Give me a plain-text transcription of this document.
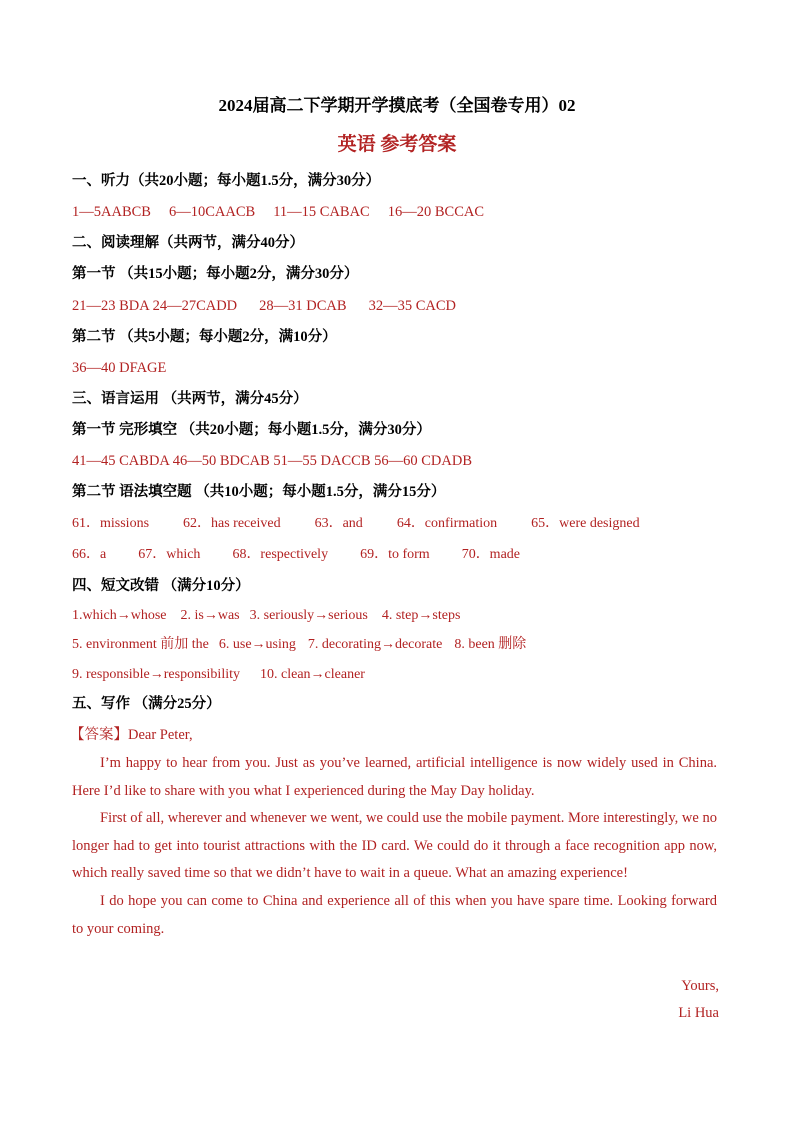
2024届高二下学期开学摸底考（全国卷专用）02
英语 参考答案
一、听力（共20小题；每小题1.5分，满分30分）
1—5AABCB 6—10CAACB 11—15 CABAC 16—20 BCCAC
二、阅读理解（共两节，满分40分）
第一节 （共15小题；每小题2分，满分30分）
21—23 BDA 24—27CADD 28—31 DCAB 32—35 CACD
第二节 （共5小题；每小题2分，满10分）
36—40 DFAGE
三、语言运用 （共两节，满分45分）
第一节 完形填空 （共20小题；每小题1.5分，满分30分）
41—45 CABDA 46—50 BDCAB 51—55 DACCB 56—60 CDADB
第二节 语法填空题 （共10小题；每小题1.5分，满分15分）
61．missions 62．has received 63．and 64．confirmation 65．were designed
66．a 67．which 68．respectively 69．to form 70．made
四、短文改错 （满分10分）
1.which→whose 2. is→was 3. seriously→serious 4. step→steps
5. environment 前加 the 6. use→using 7. decorating→decorate 8. been 删除
9. responsible→responsibility 10. clean→cleaner
五、写作 （满分25分）
【答案】Dear Peter,

I’m happy to hear from you. Just as you’ve learned, artificial intelligence is now widely used in China. Here I’d like to share with you what I experienced during the May Day holiday.

First of all, wherever and whenever we went, we could use the mobile payment. More interestingly, we no longer had to get into tourist attractions with the ID card. We could do it through a face recognition app now, which really saved time so that we didn’t have to wait in a queue. What an amazing experience!

I do hope you can come to China and experience all of this when you have spare time. Looking forward to your coming.

Yours,
Li Hua
